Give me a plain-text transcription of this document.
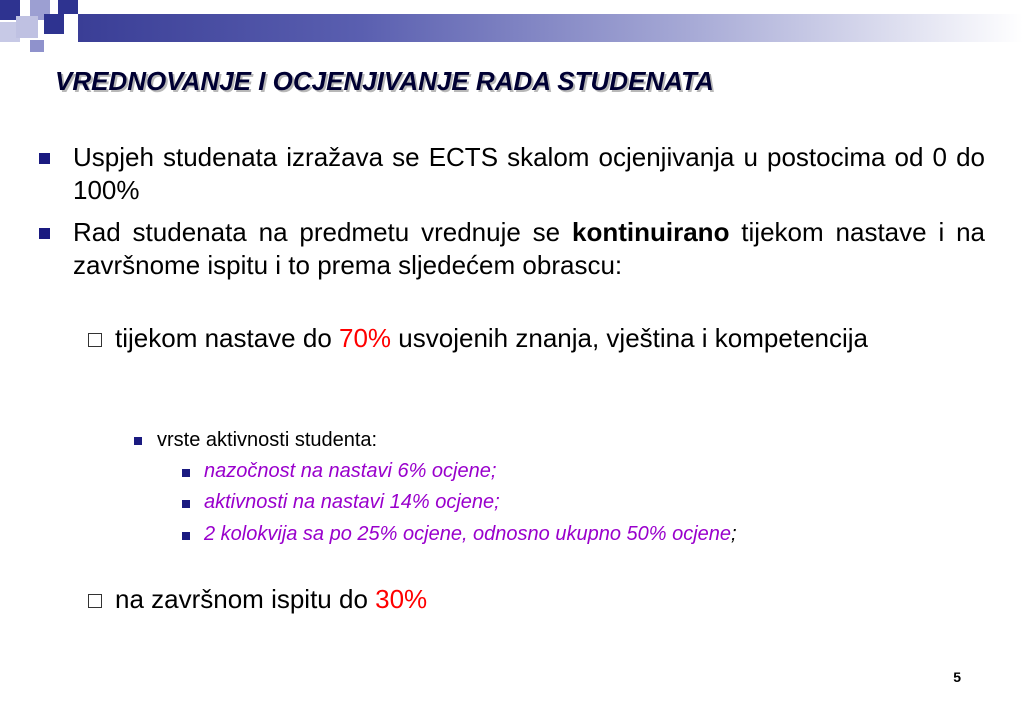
VREDNOVANJE I OCJENJIVANJE RADA STUDENATA
Uspjeh studenata izražava se ECTS skalom ocjenjivanja u postocima od 0 do 100%
Rad studenata na predmetu vrednuje se kontinuirano tijekom nastave i na završnome ispitu i to prema sljedećem obrascu:
tijekom nastave do 70% usvojenih znanja, vještina i kompetencija
vrste aktivnosti studenta:
nazočnost na nastavi 6% ocjene;
aktivnosti na nastavi 14% ocjene;
2 kolokvija sa po 25% ocjene, odnosno ukupno 50% ocjene;
na završnom ispitu do 30%
5
